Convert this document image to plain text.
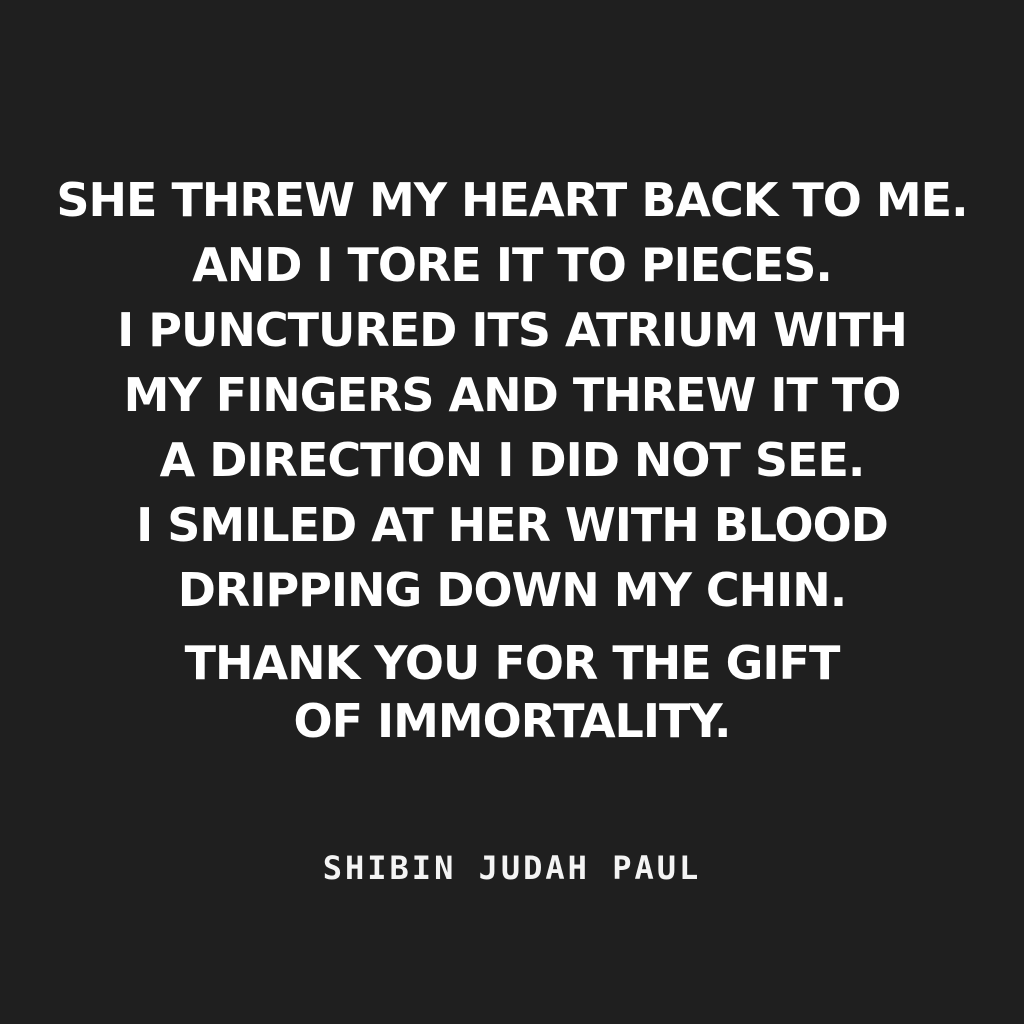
SHE THREW MY HEART BACK TO ME.
AND I TORE IT TO PIECES.
I PUNCTURED ITS ATRIUM WITH
MY FINGERS AND THREW IT TO
A DIRECTION I DID NOT SEE.
I SMILED AT HER WITH BLOOD
DRIPPING DOWN MY CHIN.
THANK YOU FOR THE GIFT
OF IMMORTALITY.
SHIBIN JUDAH PAUL
